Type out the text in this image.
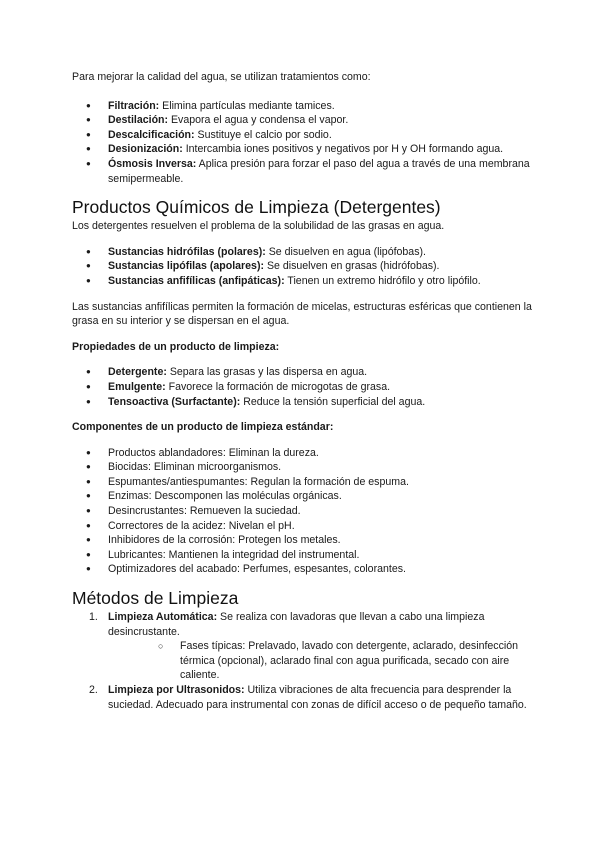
Para mejorar la calidad del agua, se utilizan tratamientos como:

● Filtración: Elimina partículas mediante tamices.
● Destilación: Evapora el agua y condensa el vapor.
● Descalcificación: Sustituye el calcio por sodio.
● Desionización: Intercambia iones positivos y negativos por H y OH formando agua.
● Ósmosis Inversa: Aplica presión para forzar el paso del agua a través de una membrana semipermeable.
Productos Químicos de Limpieza (Detergentes)

Los detergentes resuelven el problema de la solubilidad de las grasas en agua.

● Sustancias hidrófilas (polares): Se disuelven en agua (lipófobas).
● Sustancias lipófilas (apolares): Se disuelven en grasas (hidrófobas).
● Sustancias anfifílicas (anfipáticas): Tienen un extremo hidrófilo y otro lipófilo.

Las sustancias anfifílicas permiten la formación de micelas, estructuras esféricas que contienen la grasa en su interior y se dispersan en el agua.

Propiedades de un producto de limpieza:

● Detergente: Separa las grasas y las dispersa en agua.
● Emulgente: Favorece la formación de microgotas de grasa.
● Tensoactiva (Surfactante): Reduce la tensión superficial del agua.

Componentes de un producto de limpieza estándar:

● Productos ablandadores: Eliminan la dureza.
● Biocidas: Eliminan microorganismos.
● Espumantes/antiespumantes: Regulan la formación de espuma.
● Enzimas: Descomponen las moléculas orgánicas.
● Desincrustantes: Remueven la suciedad.
● Correctores de la acidez: Nivelan el pH.
● Inhibidores de la corrosión: Protegen los metales.
● Lubricantes: Mantienen la integridad del instrumental.
● Optimizadores del acabado: Perfumes, espesantes, colorantes.
Métodos de Limpieza
1. Limpieza Automática: Se realiza con lavadoras que llevan a cabo una limpieza desincrustante.
○ Fases típicas: Prelavado, lavado con detergente, aclarado, desinfección térmica (opcional), aclarado final con agua purificada, secado con aire caliente.
2. Limpieza por Ultrasonidos: Utiliza vibraciones de alta frecuencia para desprender la suciedad. Adecuado para instrumental con zonas de difícil acceso o de pequeño tamaño.
